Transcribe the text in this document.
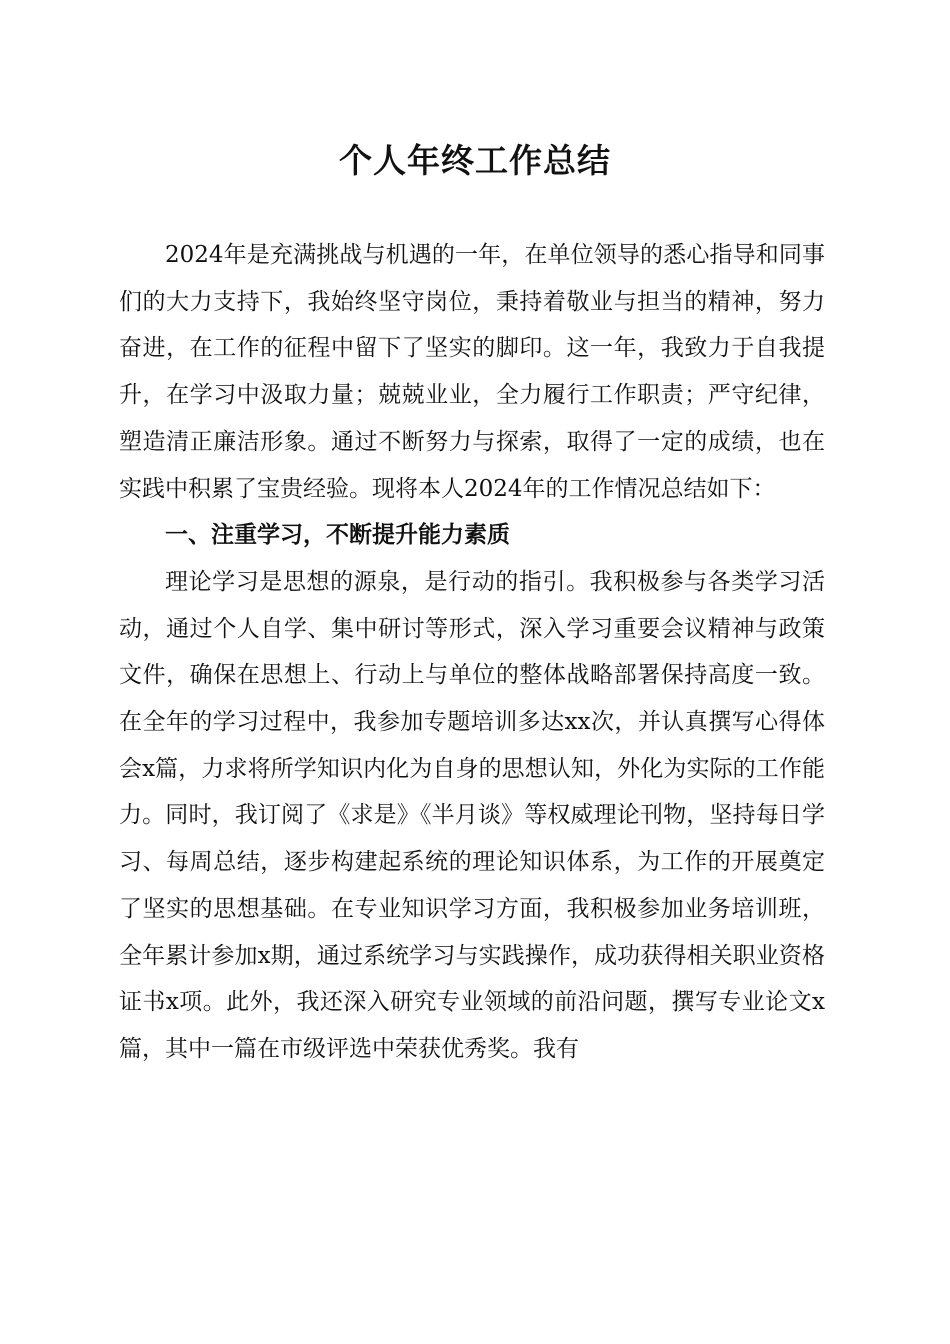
个人年终工作总结

2024年是充满挑战与机遇的一年，在单位领导的悉心指导和同事们的大力支持下，我始终坚守岗位，秉持着敬业与担当的精神，努力奋进，在工作的征程中留下了坚实的脚印。这一年，我致力于自我提升，在学习中汲取力量；兢兢业业，全力履行工作职责；严守纪律，塑造清正廉洁形象。通过不断努力与探索，取得了一定的成绩，也在实践中积累了宝贵经验。现将本人2024年的工作情况总结如下：

一、注重学习，不断提升能力素质

理论学习是思想的源泉，是行动的指引。我积极参与各类学习活动，通过个人自学、集中研讨等形式，深入学习重要会议精神与政策文件，确保在思想上、行动上与单位的整体战略部署保持高度一致。在全年的学习过程中，我参加专题培训多达xx次，并认真撰写心得体会x篇，力求将所学知识内化为自身的思想认知，外化为实际的工作能力。同时，我订阅了《求是》《半月谈》等权威理论刊物，坚持每日学习、每周总结，逐步构建起系统的理论知识体系，为工作的开展奠定了坚实的思想基础。在专业知识学习方面，我积极参加业务培训班，全年累计参加x期，通过系统学习与实践操作，成功获得相关职业资格证书x项。此外，我还深入研究专业领域的前沿问题，撰写专业论文x篇，其中一篇在市级评选中荣获优秀奖。我有
